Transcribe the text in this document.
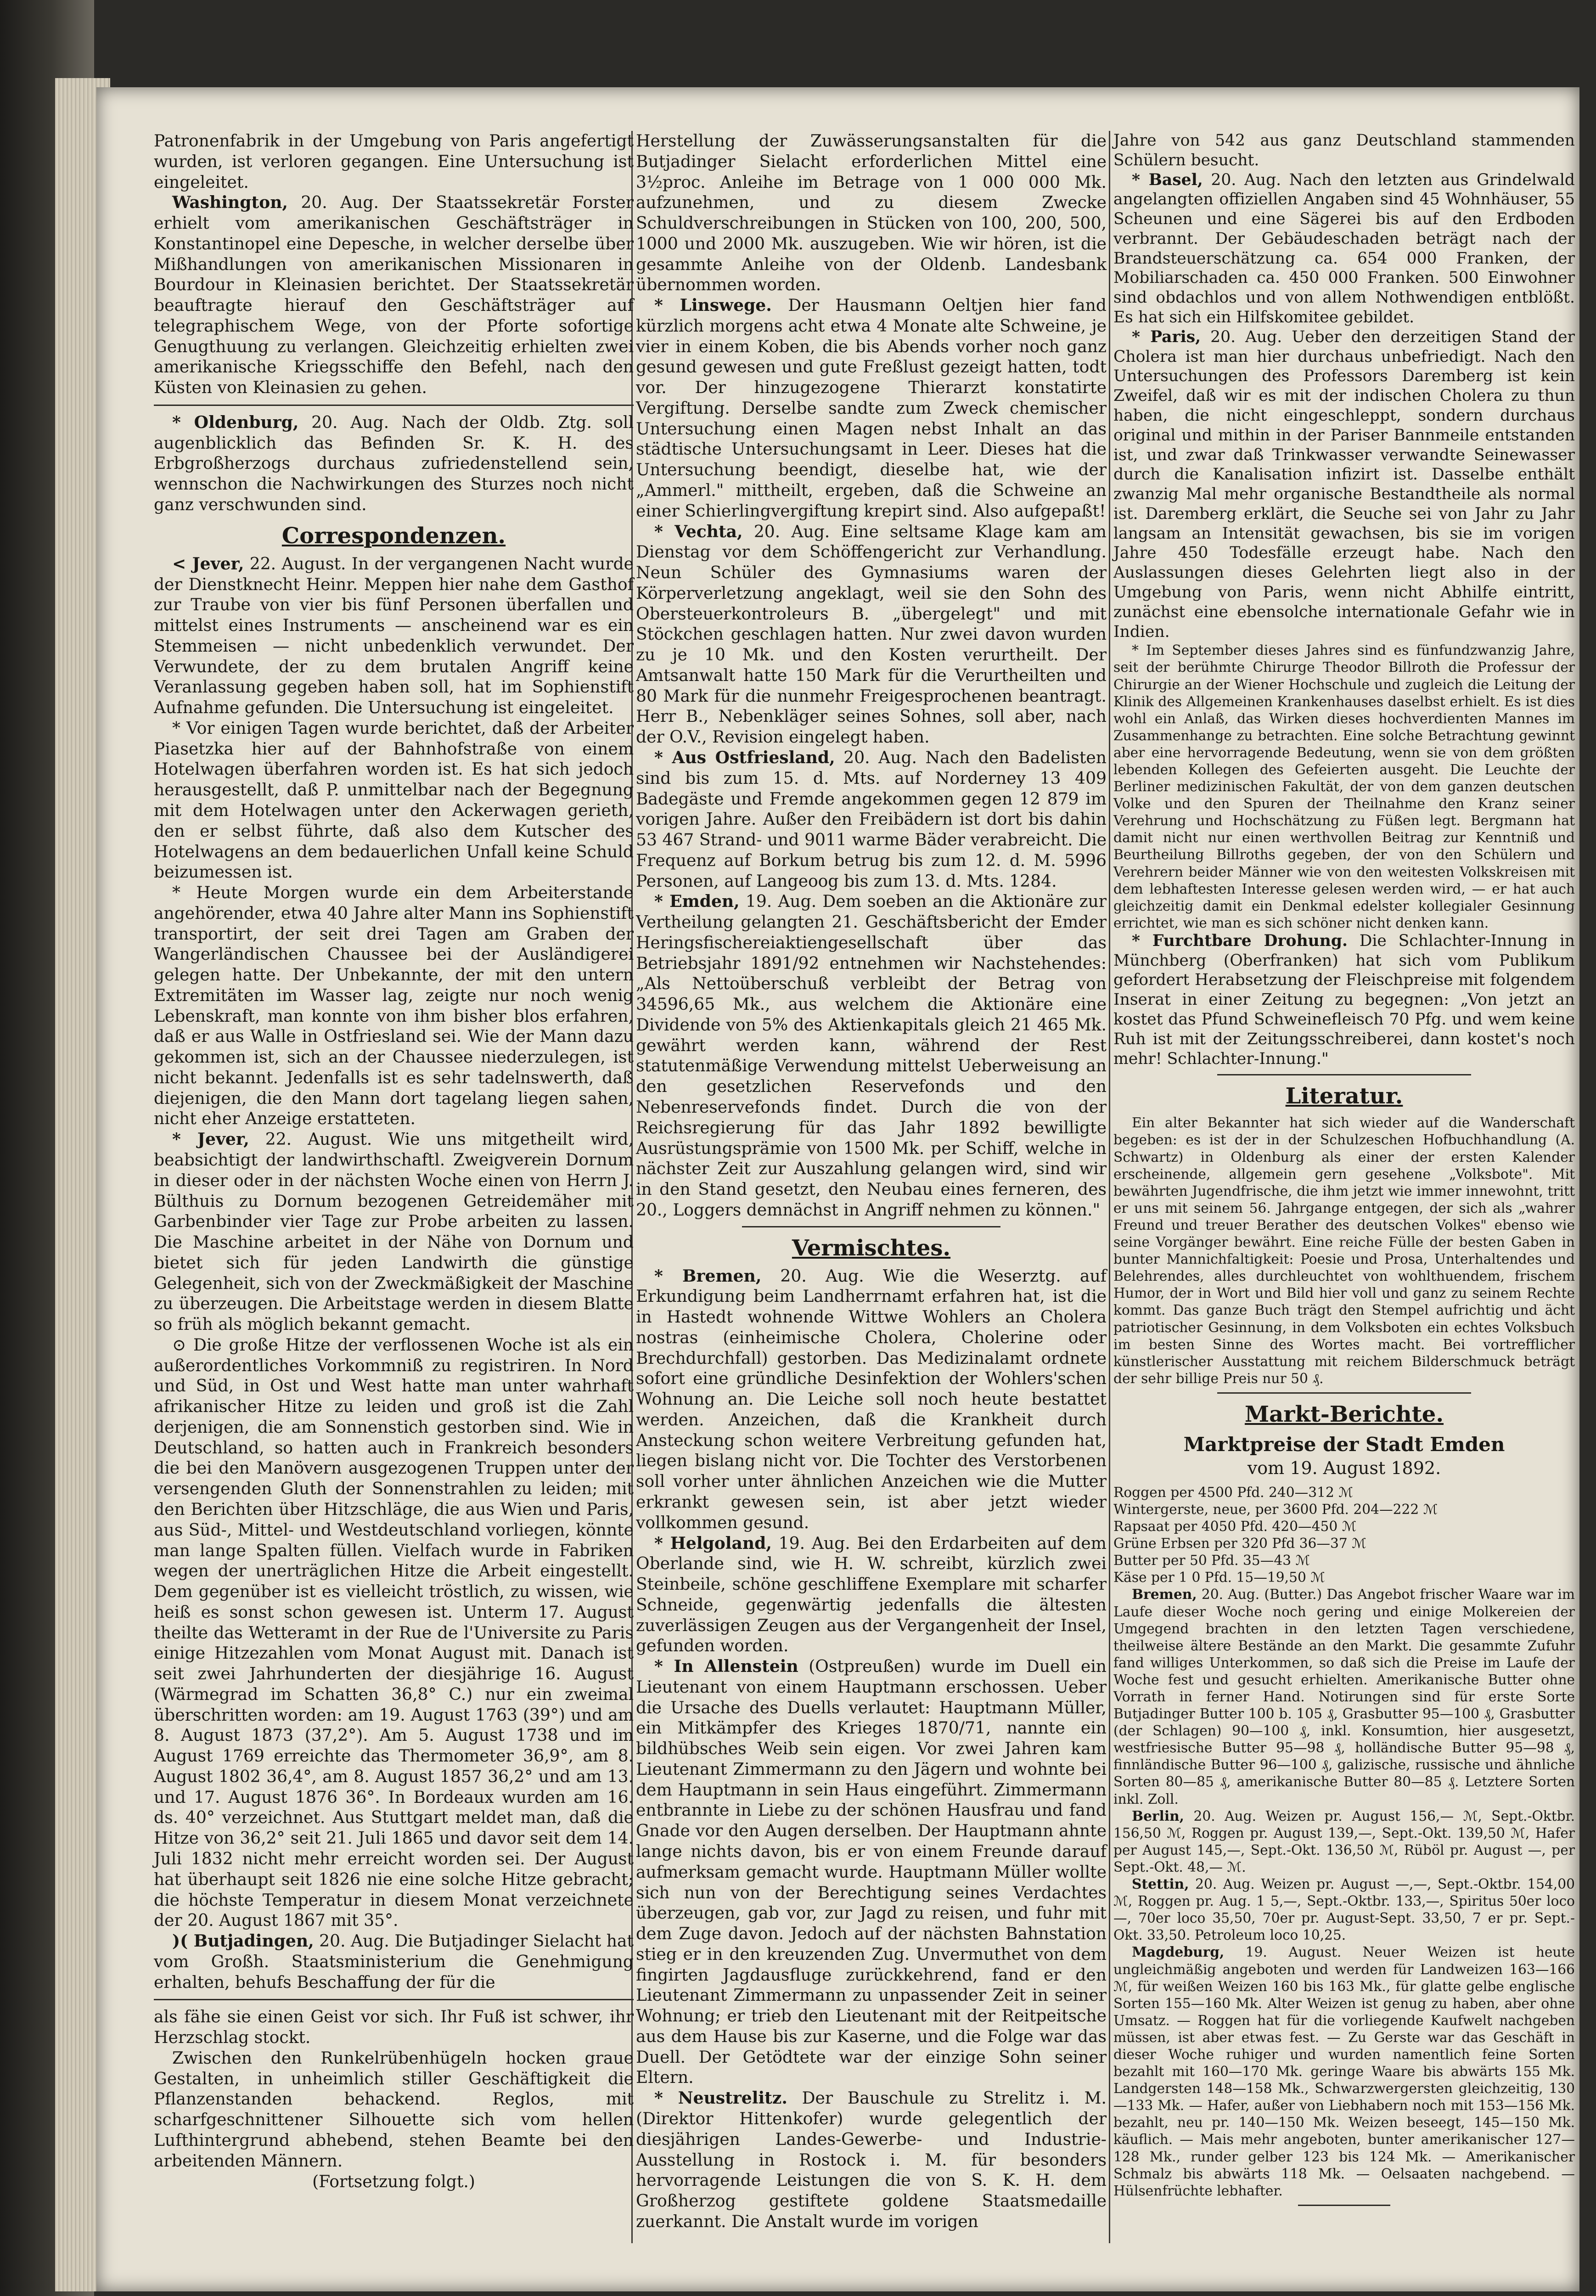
Patronenfabrik in der Umgebung von Paris angefertigt wurden, ist verloren gegangen. Eine Untersuchung ist eingeleitet.

Washington, 20. Aug. Der Staatssekretär Forster erhielt vom amerikanischen Geschäftsträger in Konstantinopel eine Depesche, in welcher derselbe über Mißhandlungen von amerikanischen Missionaren in Bourdour in Kleinasien berichtet. Der Staatssekretär beauftragte hierauf den Geschäftsträger auf telegraphischem Wege, von der Pforte sofortige Genugthuung zu verlangen. Gleichzeitig erhielten zwei amerikanische Kriegsschiffe den Befehl, nach den Küsten von Kleinasien zu gehen.

* Oldenburg, 20. Aug. Nach der Oldb. Ztg. soll augenblicklich das Befinden Sr. K. H. des Erbgroßherzogs durchaus zufriedenstellend sein, wennschon die Nachwirkungen des Sturzes noch nicht ganz verschwunden sind.

Correspondenzen.

< Jever, 22. August. In der vergangenen Nacht wurde der Dienstknecht Heinr. Meppen hier nahe dem Gasthof zur Traube von vier bis fünf Personen überfallen und mittelst eines Instruments — anscheinend war es ein Stemmeisen — nicht unbedenklich verwundet. Der Verwundete, der zu dem brutalen Angriff keine Veranlassung gegeben haben soll, hat im Sophienstift Aufnahme gefunden. Die Untersuchung ist eingeleitet.

* Vor einigen Tagen wurde berichtet, daß der Arbeiter Piasetzka hier auf der Bahnhofstraße von einem Hotelwagen überfahren worden ist. Es hat sich jedoch herausgestellt, daß P. unmittelbar nach der Begegnung mit dem Hotelwagen unter den Ackerwagen gerieth, den er selbst führte, daß also dem Kutscher des Hotelwagens an dem bedauerlichen Unfall keine Schuld beizumessen ist.

* Heute Morgen wurde ein dem Arbeiterstande angehörender, etwa 40 Jahre alter Mann ins Sophienstift transportirt, der seit drei Tagen am Graben der Wangerländischen Chaussee bei der Ausländigerei gelegen hatte. Der Unbekannte, der mit den untern Extremitäten im Wasser lag, zeigte nur noch wenig Lebenskraft, man konnte von ihm bisher blos erfahren, daß er aus Walle in Ostfriesland sei. Wie der Mann dazu gekommen ist, sich an der Chaussee niederzulegen, ist nicht bekannt. Jedenfalls ist es sehr tadelnswerth, daß diejenigen, die den Mann dort tagelang liegen sahen, nicht eher Anzeige erstatteten.

* Jever, 22. August. Wie uns mitgetheilt wird, beabsichtigt der landwirthschaftl. Zweigverein Dornum in dieser oder in der nächsten Woche einen von Herrn J. Bülthuis zu Dornum bezogenen Getreidemäher mit Garbenbinder vier Tage zur Probe arbeiten zu lassen. Die Maschine arbeitet in der Nähe von Dornum und bietet sich für jeden Landwirth die günstige Gelegenheit, sich von der Zweckmäßigkeit der Maschine zu überzeugen. Die Arbeitstage werden in diesem Blatte so früh als möglich bekannt gemacht.

⊙ Die große Hitze der verflossenen Woche ist als ein außerordentliches Vorkommniß zu registriren. In Nord und Süd, in Ost und West hatte man unter wahrhaft afrikanischer Hitze zu leiden und groß ist die Zahl derjenigen, die am Sonnenstich gestorben sind. Wie in Deutschland, so hatten auch in Frankreich besonders die bei den Manövern ausgezogenen Truppen unter der versengenden Gluth der Sonnenstrahlen zu leiden; mit den Berichten über Hitzschläge, die aus Wien und Paris, aus Süd-, Mittel- und Westdeutschland vorliegen, könnte man lange Spalten füllen. Vielfach wurde in Fabriken wegen der unerträglichen Hitze die Arbeit eingestellt. Dem gegenüber ist es vielleicht tröstlich, zu wissen, wie heiß es sonst schon gewesen ist. Unterm 17. August theilte das Wetteramt in der Rue de l'Universite zu Paris einige Hitzezahlen vom Monat August mit. Danach ist seit zwei Jahrhunderten der diesjährige 16. August (Wärmegrad im Schatten 36,8° C.) nur ein zweimal überschritten worden: am 19. August 1763 (39°) und am 8. August 1873 (37,2°). Am 5. August 1738 und im August 1769 erreichte das Thermometer 36,9°, am 8. August 1802 36,4°, am 8. August 1857 36,2° und am 13. und 17. August 1876 36°. In Bordeaux wurden am 16. ds. 40° verzeichnet. Aus Stuttgart meldet man, daß die Hitze von 36,2° seit 21. Juli 1865 und davor seit dem 14. Juli 1832 nicht mehr erreicht worden sei. Der August hat überhaupt seit 1826 nie eine solche Hitze gebracht; die höchste Temperatur in diesem Monat verzeichnete der 20. August 1867 mit 35°.

)( Butjadingen, 20. Aug. Die Butjadinger Sielacht hat vom Großh. Staatsministerium die Genehmigung erhalten, behufs Beschaffung der für die

als fähe sie einen Geist vor sich. Ihr Fuß ist schwer, ihr Herzschlag stockt.

Zwischen den Runkelrübenhügeln hocken graue Gestalten, in unheimlich stiller Geschäftigkeit die Pflanzenstanden behackend. Reglos, mit scharfgeschnittener Silhouette sich vom hellen Lufthintergrund abhebend, stehen Beamte bei den arbeitenden Männern.

(Fortsetzung folgt.)

Herstellung der Zuwässerungsanstalten für die Butjadinger Sielacht erforderlichen Mittel eine 3½proc. Anleihe im Betrage von 1 000 000 Mk. aufzunehmen, und zu diesem Zwecke Schuldverschreibungen in Stücken von 100, 200, 500, 1000 und 2000 Mk. auszugeben. Wie wir hören, ist die gesammte Anleihe von der Oldenb. Landesbank übernommen worden.

* Linswege. Der Hausmann Oeltjen hier fand kürzlich morgens acht etwa 4 Monate alte Schweine, je vier in einem Koben, die bis Abends vorher noch ganz gesund gewesen und gute Freßlust gezeigt hatten, todt vor. Der hinzugezogene Thierarzt konstatirte Vergiftung. Derselbe sandte zum Zweck chemischer Untersuchung einen Magen nebst Inhalt an das städtische Untersuchungsamt in Leer. Dieses hat die Untersuchung beendigt, dieselbe hat, wie der „Ammerl." mittheilt, ergeben, daß die Schweine an einer Schierlingvergiftung krepirt sind. Also aufgepaßt!

* Vechta, 20. Aug. Eine seltsame Klage kam am Dienstag vor dem Schöffengericht zur Verhandlung. Neun Schüler des Gymnasiums waren der Körperverletzung angeklagt, weil sie den Sohn des Obersteuerkontroleurs B. „übergelegt" und mit Stöckchen geschlagen hatten. Nur zwei davon wurden zu je 10 Mk. und den Kosten verurtheilt. Der Amtsanwalt hatte 150 Mark für die Verurtheilten und 80 Mark für die nunmehr Freigesprochenen beantragt. Herr B., Nebenkläger seines Sohnes, soll aber, nach der O.V., Revision eingelegt haben.

* Aus Ostfriesland, 20. Aug. Nach den Badelisten sind bis zum 15. d. Mts. auf Norderney 13 409 Badegäste und Fremde angekommen gegen 12 879 im vorigen Jahre. Außer den Freibädern ist dort bis dahin 53 467 Strand- und 9011 warme Bäder verabreicht. Die Frequenz auf Borkum betrug bis zum 12. d. M. 5996 Personen, auf Langeoog bis zum 13. d. Mts. 1284.

* Emden, 19. Aug. Dem soeben an die Aktionäre zur Vertheilung gelangten 21. Geschäftsbericht der Emder Heringsfischereiaktiengesellschaft über das Betriebsjahr 1891/92 entnehmen wir Nachstehendes: „Als Nettoüberschuß verbleibt der Betrag von 34596,65 Mk., aus welchem die Aktionäre eine Dividende von 5% des Aktienkapitals gleich 21 465 Mk. gewährt werden kann, während der Rest statutenmäßige Verwendung mittelst Ueberweisung an den gesetzlichen Reservefonds und den Nebenreservefonds findet. Durch die von der Reichsregierung für das Jahr 1892 bewilligte Ausrüstungsprämie von 1500 Mk. per Schiff, welche in nächster Zeit zur Auszahlung gelangen wird, sind wir in den Stand gesetzt, den Neubau eines ferneren, des 20., Loggers demnächst in Angriff nehmen zu können."

Vermischtes.

* Bremen, 20. Aug. Wie die Weserztg. auf Erkundigung beim Landherrnamt erfahren hat, ist die in Hastedt wohnende Wittwe Wohlers an Cholera nostras (einheimische Cholera, Cholerine oder Brechdurchfall) gestorben. Das Medizinalamt ordnete sofort eine gründliche Desinfektion der Wohlers'schen Wohnung an. Die Leiche soll noch heute bestattet werden. Anzeichen, daß die Krankheit durch Ansteckung schon weitere Verbreitung gefunden hat, liegen bislang nicht vor. Die Tochter des Verstorbenen soll vorher unter ähnlichen Anzeichen wie die Mutter erkrankt gewesen sein, ist aber jetzt wieder vollkommen gesund.

* Helgoland, 19. Aug. Bei den Erdarbeiten auf dem Oberlande sind, wie H. W. schreibt, kürzlich zwei Steinbeile, schöne geschliffene Exemplare mit scharfer Schneide, gegenwärtig jedenfalls die ältesten zuverlässigen Zeugen aus der Vergangenheit der Insel, gefunden worden.

* In Allenstein (Ostpreußen) wurde im Duell ein Lieutenant von einem Hauptmann erschossen. Ueber die Ursache des Duells verlautet: Hauptmann Müller, ein Mitkämpfer des Krieges 1870/71, nannte ein bildhübsches Weib sein eigen. Vor zwei Jahren kam Lieutenant Zimmermann zu den Jägern und wohnte bei dem Hauptmann in sein Haus eingeführt. Zimmermann entbrannte in Liebe zu der schönen Hausfrau und fand Gnade vor den Augen derselben. Der Hauptmann ahnte lange nichts davon, bis er von einem Freunde darauf aufmerksam gemacht wurde. Hauptmann Müller wollte sich nun von der Berechtigung seines Verdachtes überzeugen, gab vor, zur Jagd zu reisen, und fuhr mit dem Zuge davon. Jedoch auf der nächsten Bahnstation stieg er in den kreuzenden Zug. Unvermuthet von dem fingirten Jagdausfluge zurückkehrend, fand er den Lieutenant Zimmermann zu unpassender Zeit in seiner Wohnung; er trieb den Lieutenant mit der Reitpeitsche aus dem Hause bis zur Kaserne, und die Folge war das Duell. Der Getödtete war der einzige Sohn seiner Eltern.

* Neustrelitz. Der Bauschule zu Strelitz i. M. (Direktor Hittenkofer) wurde gelegentlich der diesjährigen Landes-Gewerbe- und Industrie-Ausstellung in Rostock i. M. für besonders hervorragende Leistungen die von S. K. H. dem Großherzog gestiftete goldene Staatsmedaille zuerkannt. Die Anstalt wurde im vorigen

Jahre von 542 aus ganz Deutschland stammenden Schülern besucht.

* Basel, 20. Aug. Nach den letzten aus Grindelwald angelangten offiziellen Angaben sind 45 Wohnhäuser, 55 Scheunen und eine Sägerei bis auf den Erdboden verbrannt. Der Gebäudeschaden beträgt nach der Brandsteuerschätzung ca. 654 000 Franken, der Mobiliarschaden ca. 450 000 Franken. 500 Einwohner sind obdachlos und von allem Nothwendigen entblößt. Es hat sich ein Hilfskomitee gebildet.

* Paris, 20. Aug. Ueber den derzeitigen Stand der Cholera ist man hier durchaus unbefriedigt. Nach den Untersuchungen des Professors Daremberg ist kein Zweifel, daß wir es mit der indischen Cholera zu thun haben, die nicht eingeschleppt, sondern durchaus original und mithin in der Pariser Bannmeile entstanden ist, und zwar daß Trinkwasser verwandte Seinewasser durch die Kanalisation infizirt ist. Dasselbe enthält zwanzig Mal mehr organische Bestandtheile als normal ist. Daremberg erklärt, die Seuche sei von Jahr zu Jahr langsam an Intensität gewachsen, bis sie im vorigen Jahre 450 Todesfälle erzeugt habe. Nach den Auslassungen dieses Gelehrten liegt also in der Umgebung von Paris, wenn nicht Abhilfe eintritt, zunächst eine ebensolche internationale Gefahr wie in Indien.

* Im September dieses Jahres sind es fünfundzwanzig Jahre, seit der berühmte Chirurge Theodor Billroth die Professur der Chirurgie an der Wiener Hochschule und zugleich die Leitung der Klinik des Allgemeinen Krankenhauses daselbst erhielt. Es ist dies wohl ein Anlaß, das Wirken dieses hochverdienten Mannes im Zusammenhange zu betrachten. Eine solche Betrachtung gewinnt aber eine hervorragende Bedeutung, wenn sie von dem größten lebenden Kollegen des Gefeierten ausgeht. Die Leuchte der Berliner medizinischen Fakultät, der von dem ganzen deutschen Volke und den Spuren der Theilnahme den Kranz seiner Verehrung und Hochschätzung zu Füßen legt. Bergmann hat damit nicht nur einen werthvollen Beitrag zur Kenntniß und Beurtheilung Billroths gegeben, der von den Schülern und Verehrern beider Männer wie von den weitesten Volkskreisen mit dem lebhaftesten Interesse gelesen werden wird, — er hat auch gleichzeitig damit ein Denkmal edelster kollegialer Gesinnung errichtet, wie man es sich schöner nicht denken kann.

* Furchtbare Drohung. Die Schlachter-Innung in Münchberg (Oberfranken) hat sich vom Publikum gefordert Herabsetzung der Fleischpreise mit folgendem Inserat in einer Zeitung zu begegnen: „Von jetzt an kostet das Pfund Schweinefleisch 70 Pfg. und wem keine Ruh ist mit der Zeitungsschreiberei, dann kostet's noch mehr! Schlachter-Innung."

Literatur.

Ein alter Bekannter hat sich wieder auf die Wanderschaft begeben: es ist der in der Schulzeschen Hofbuchhandlung (A. Schwartz) in Oldenburg als einer der ersten Kalender erscheinende, allgemein gern gesehene „Volksbote". Mit bewährten Jugendfrische, die ihm jetzt wie immer innewohnt, tritt er uns mit seinem 56. Jahrgange entgegen, der sich als „wahrer Freund und treuer Berather des deutschen Volkes" ebenso wie seine Vorgänger bewährt. Eine reiche Fülle der besten Gaben in bunter Mannichfaltigkeit: Poesie und Prosa, Unterhaltendes und Belehrendes, alles durchleuchtet von wohlthuendem, frischem Humor, der in Wort und Bild hier voll und ganz zu seinem Rechte kommt. Das ganze Buch trägt den Stempel aufrichtig und ächt patriotischer Gesinnung, in dem Volksboten ein echtes Volksbuch im besten Sinne des Wortes macht. Bei vortrefflicher künstlerischer Ausstattung mit reichem Bilderschmuck beträgt der sehr billige Preis nur 50 ₰.

Markt-Berichte.
Marktpreise der Stadt Emden
vom 19. August 1892.

Roggen per 4500 Pfd. 240—312 ℳ

Wintergerste, neue, per 3600 Pfd. 204—222 ℳ

Rapsaat per 4050 Pfd. 420—450 ℳ

Grüne Erbsen per 320 Pfd 36—37 ℳ

Butter per 50 Pfd. 35—43 ℳ

Käse per 1 0 Pfd. 15—19,50 ℳ

Bremen, 20. Aug. (Butter.) Das Angebot frischer Waare war im Laufe dieser Woche noch gering und einige Molkereien der Umgegend brachten in den letzten Tagen verschiedene, theilweise ältere Bestände an den Markt. Die gesammte Zufuhr fand williges Unterkommen, so daß sich die Preise im Laufe der Woche fest und gesucht erhielten. Amerikanische Butter ohne Vorrath in ferner Hand. Notirungen sind für erste Sorte Butjadinger Butter 100 b. 105 ₰, Grasbutter 95—100 ₰, Grasbutter (der Schlagen) 90—100 ₰, inkl. Konsumtion, hier ausgesetzt, westfriesische Butter 95—98 ₰, holländische Butter 95—98 ₰, finnländische Butter 96—100 ₰, galizische, russische und ähnliche Sorten 80—85 ₰, amerikanische Butter 80—85 ₰. Letztere Sorten inkl. Zoll.

Berlin, 20. Aug. Weizen pr. August 156,— ℳ, Sept.-Oktbr. 156,50 ℳ, Roggen pr. August 139,—, Sept.-Okt. 139,50 ℳ, Hafer per August 145,—, Sept.-Okt. 136,50 ℳ, Rüböl pr. August —, per Sept.-Okt. 48,— ℳ.

Stettin, 20. Aug. Weizen pr. August —,—, Sept.-Oktbr. 154,00 ℳ, Roggen pr. Aug. 1 5,—, Sept.-Oktbr. 133,—, Spiritus 50er loco —, 70er loco 35,50, 70er pr. August-Sept. 33,50, 7 er pr. Sept.-Okt. 33,50. Petroleum loco 10,25.

Magdeburg, 19. August. Neuer Weizen ist heute ungleichmäßig angeboten und werden für Landweizen 163—166 ℳ, für weißen Weizen 160 bis 163 Mk., für glatte gelbe englische Sorten 155—160 Mk. Alter Weizen ist genug zu haben, aber ohne Umsatz. — Roggen hat für die vorliegende Kaufwelt nachgeben müssen, ist aber etwas fest. — Zu Gerste war das Geschäft in dieser Woche ruhiger und wurden namentlich feine Sorten bezahlt mit 160—170 Mk. geringe Waare bis abwärts 155 Mk. Landgersten 148—158 Mk., Schwarzwergersten gleichzeitig, 130—133 Mk. — Hafer, außer von Liebhabern noch mit 153—156 Mk. bezahlt, neu pr. 140—150 Mk. Weizen beseegt, 145—150 Mk. käuflich. — Mais mehr angeboten, bunter amerikanischer 127—128 Mk., runder gelber 123 bis 124 Mk. — Amerikanischer Schmalz bis abwärts 118 Mk. — Oelsaaten nachgebend. — Hülsenfrüchte lebhafter.
